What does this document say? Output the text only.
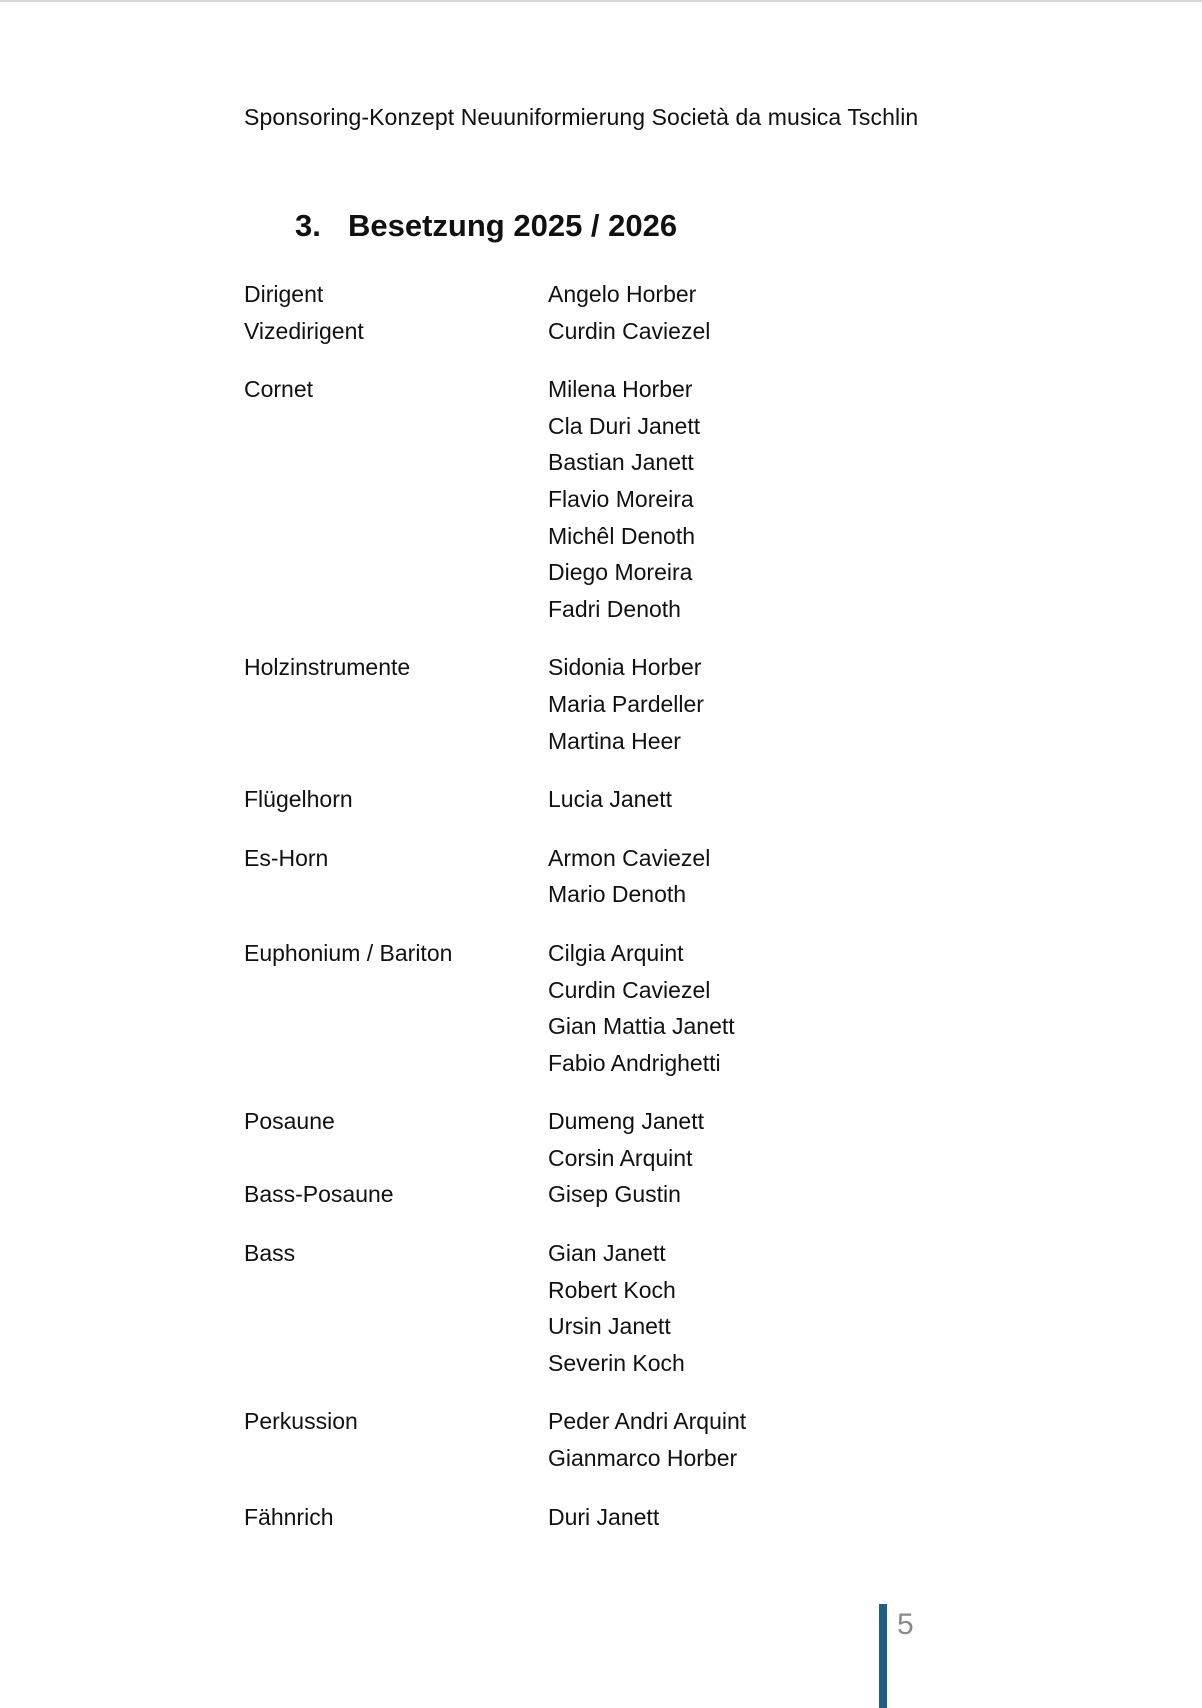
Sponsoring-Konzept Neuuniformierung Società da musica Tschlin
3. Besetzung 2025 / 2026
Dirigent	Angelo Horber
Vizedirigent	Curdin Caviezel
Cornet	Milena Horber
Cla Duri Janett
Bastian Janett
Flavio Moreira
Michêl Denoth
Diego Moreira
Fadri Denoth
Holzinstrumente	Sidonia Horber
Maria Pardeller
Martina Heer
Flügelhorn	Lucia Janett
Es-Horn	Armon Caviezel
Mario Denoth
Euphonium / Bariton	Cilgia Arquint
Curdin Caviezel
Gian Mattia Janett
Fabio Andrighetti
Posaune	Dumeng Janett
Corsin Arquint
Bass-Posaune	Gisep Gustin
Bass	Gian Janett
Robert Koch
Ursin Janett
Severin Koch
Perkussion	Peder Andri Arquint
Gianmarco Horber
Fähnrich	Duri Janett
5
